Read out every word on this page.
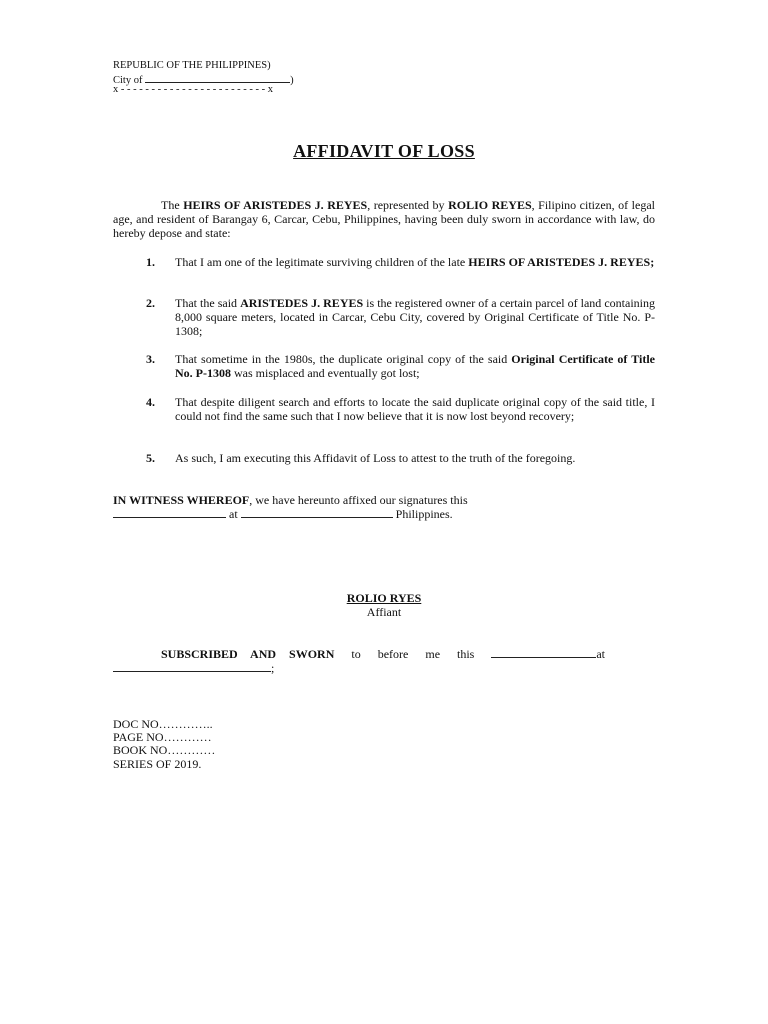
REPUBLIC OF THE PHILIPPINES)
City of	)
x - - - - - - - - - - - - - - - - - - - - - - - - x
AFFIDAVIT OF LOSS
The HEIRS OF ARISTEDES J. REYES, represented by ROLIO REYES, Filipino citizen, of legal age, and resident of Barangay 6, Carcar, Cebu, Philippines, having been duly sworn in accordance with law, do hereby depose and state:
1. That I am one of the legitimate surviving children of the late HEIRS OF ARISTEDES J. REYES;
2. That the said ARISTEDES J. REYES is the registered owner of a certain parcel of land containing 8,000 square meters, located in Carcar, Cebu City, covered by Original Certificate of Title No. P-1308;
3. That sometime in the 1980s, the duplicate original copy of the said Original Certificate of Title No. P-1308 was misplaced and eventually got lost;
4. That despite diligent search and efforts to locate the said duplicate original copy of the said title, I could not find the same such that I now believe that it is now lost beyond recovery;
5. As such, I am executing this Affidavit of Loss to attest to the truth of the foregoing.
IN WITNESS WHEREOF, we have hereunto affixed our signatures this
at	Philippines.
ROLIO RYES
Affiant
SUBSCRIBED AND SWORN to before me this	at
;
DOC NO…………..
PAGE NO…………
BOOK NO…………
SERIES OF 2019.
